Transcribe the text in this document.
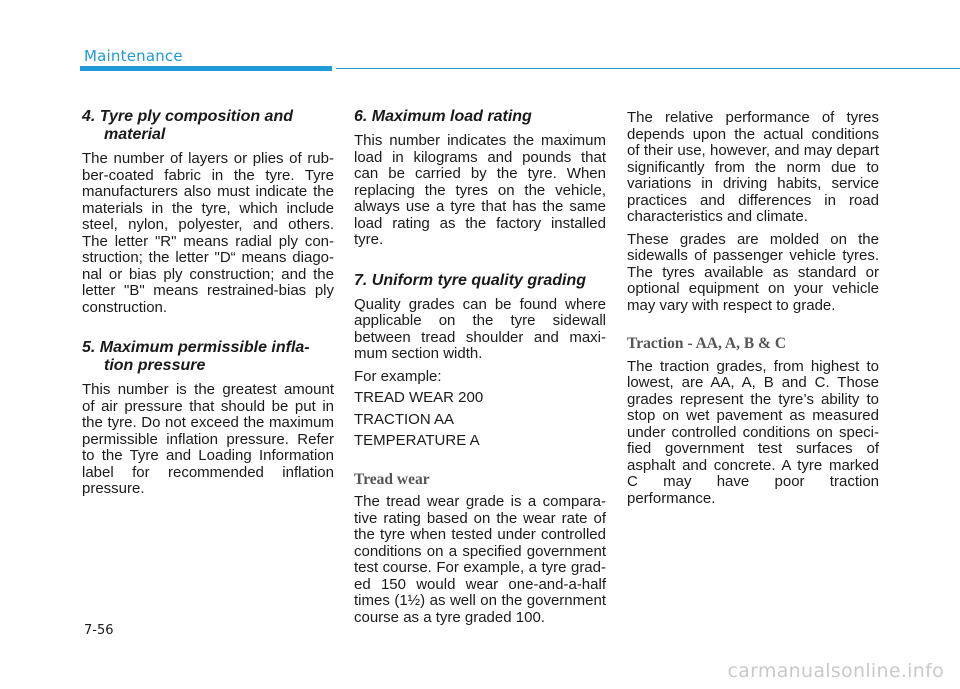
Maintenance
4. Tyre ply composition and
material

The number of layers or plies of rub-ber-coated fabric in the tyre. Tyre manufacturers also must indicate the materials in the tyre, which include steel, nylon, polyester, and others. The letter "R" means radial ply con-struction; the letter "D“ means diago-nal or bias ply construction; and the letter "B" means restrained-bias ply construction.

5. Maximum permissible infla-
tion pressure

This number is the greatest amount of air pressure that should be put in the tyre. Do not exceed the maximum permissible inflation pressure. Refer to the Tyre and Loading Information label for recommended inflation pressure.

6. Maximum load rating

This number indicates the maximum load in kilograms and pounds that can be carried by the tyre. When replacing the tyres on the vehicle, always use a tyre that has the same load rating as the factory installed tyre.

7. Uniform tyre quality grading

Quality grades can be found where applicable on the tyre sidewall between tread shoulder and maxi-mum section width.

For example:

TREAD WEAR 200

TRACTION AA

TEMPERATURE A

Tread wear

The tread wear grade is a compara-tive rating based on the wear rate of the tyre when tested under controlled conditions on a specified government test course. For example, a tyre grad-ed 150 would wear one-and-a-half times (1½) as well on the government course as a tyre graded 100.

The relative performance of tyres depends upon the actual conditions of their use, however, and may depart significantly from the norm due to variations in driving habits, service practices and differences in road characteristics and climate.

These grades are molded on the sidewalls of passenger vehicle tyres. The tyres available as standard or optional equipment on your vehicle may vary with respect to grade.

Traction - AA, A, B & C

The traction grades, from highest to lowest, are AA, A, B and C. Those grades represent the tyre’s ability to stop on wet pavement as measured under controlled conditions on speci-fied government test surfaces of asphalt and concrete. A tyre marked C may have poor traction performance.

7-56
carmanualsonline.info
